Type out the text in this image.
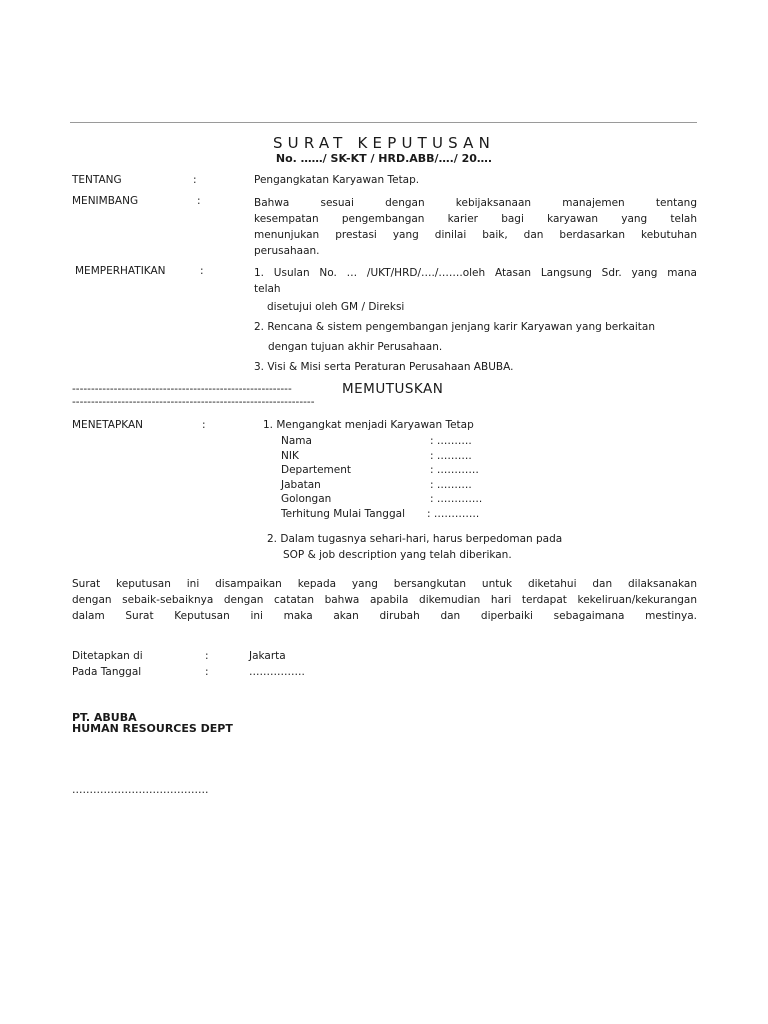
SURAT KEPUTUSAN
No. ……/ SK-KT / HRD.ABB/…./ 20….
TENTANG	:	Pengangkatan Karyawan Tetap.
MENIMBANG	:	Bahwa sesuai dengan kebijaksanaan manajemen tentang
kesempatan pengembangan karier bagi karyawan yang telah
menunjukan prestasi yang dinilai baik, dan berdasarkan kebutuhan
perusahaan.
MEMPERHATIKAN	:	1. Usulan No. … /UKT/HRD/…./…….oleh Atasan Langsung Sdr. yang mana
telah
disetujui oleh GM / Direksi
2. Rencana & sistem pengembangan jenjang karir Karyawan yang berkaitan
dengan tujuan akhir Perusahaan.
3. Visi & Misi serta Peraturan Perusahaan ABUBA.
----------------------------------------------------------	MEMUTUSKAN
----------------------------------------------------------------
MENETAPKAN	:	1. Mengangkat menjadi Karyawan Tetap
Nama	: ……….
NIK	: ……….
Departement	: …………
Jabatan	: ……….
Golongan	: ………….
Terhitung Mulai Tanggal : ………….
2. Dalam tugasnya sehari-hari, harus berpedoman pada
SOP & job description yang telah diberikan.
Surat keputusan ini disampaikan kepada yang bersangkutan untuk diketahui dan dilaksanakan
dengan sebaik-sebaiknya dengan catatan bahwa apabila dikemudian hari terdapat kekeliruan/kekurangan
dalam Surat Keputusan ini maka akan dirubah dan diperbaiki sebagaimana mestinya.
Ditetapkan di	:	Jakarta
Pada Tanggal	:	…………….
PT. ABUBA
HUMAN RESOURCES DEPT
…………………………………
